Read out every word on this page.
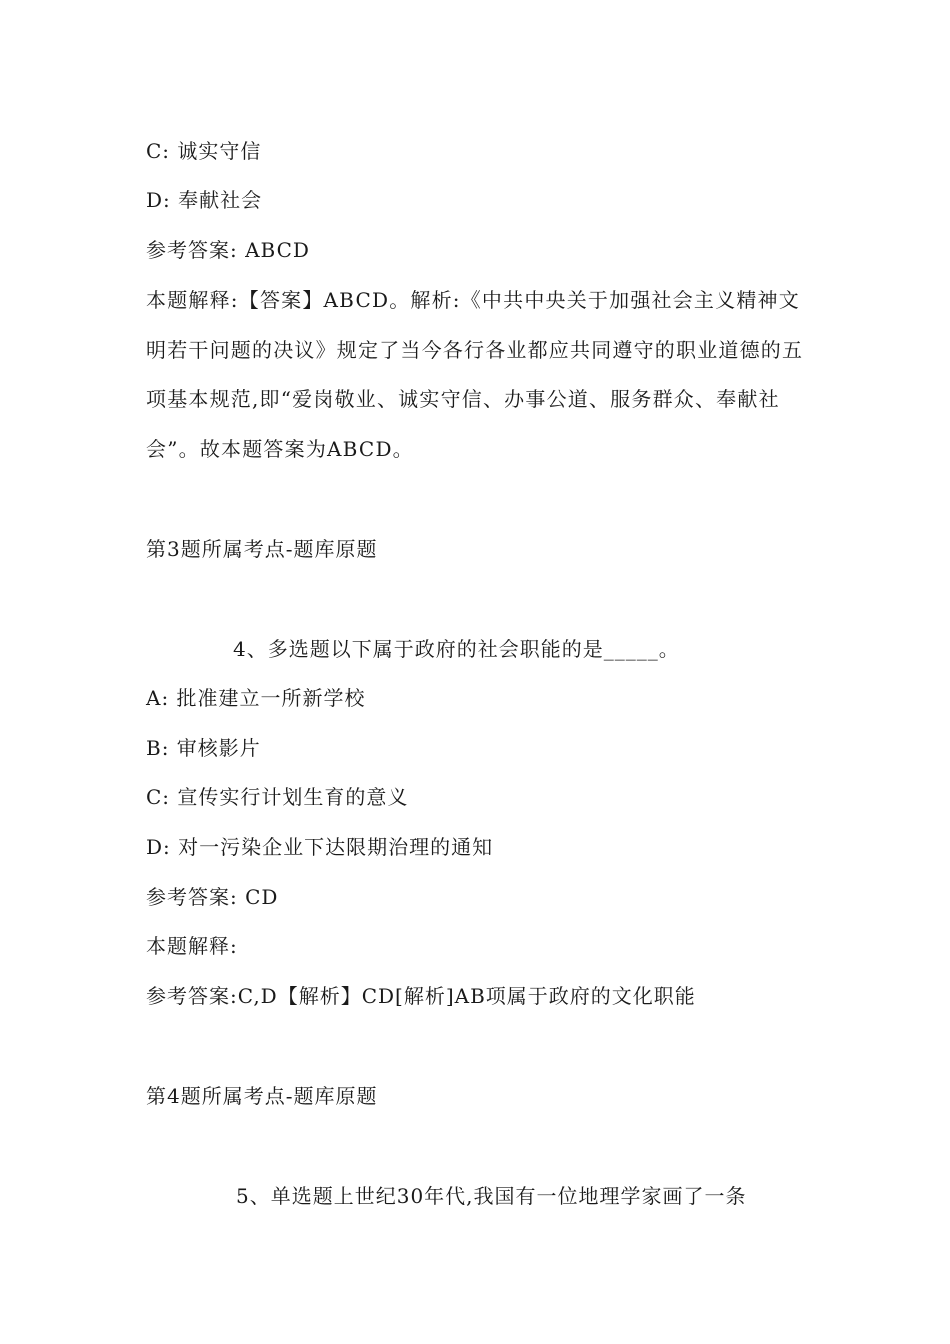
C: 诚实守信
D: 奉献社会
参考答案: ABCD
本题解释:【答案】ABCD。解析:《中共中央关于加强社会主义精神文明若干问题的决议》规定了当今各行各业都应共同遵守的职业道德的五项基本规范,即“爱岗敬业、诚实守信、办事公道、服务群众、奉献社会”。故本题答案为ABCD。
第3题所属考点-题库原题
4、多选题以下属于政府的社会职能的是_____。
A: 批准建立一所新学校
B: 审核影片
C: 宣传实行计划生育的意义
D: 对一污染企业下达限期治理的通知
参考答案: CD
本题解释:
参考答案:C,D【解析】CD[解析]AB项属于政府的文化职能
第4题所属考点-题库原题
5、单选题上世纪30年代,我国有一位地理学家画了一条
